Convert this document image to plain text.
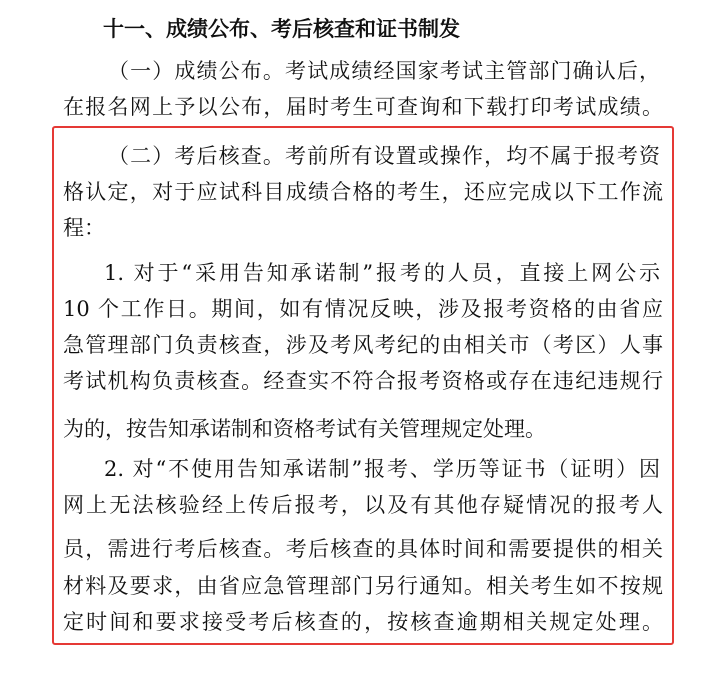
十一、成绩公布、考后核查和证书制发
（一）成绩公布。考试成绩经国家考试主管部门确认后，
在报名网上予以公布，届时考生可查询和下载打印考试成绩。
（二）考后核查。考前所有设置或操作，均不属于报考资
格认定，对于应试科目成绩合格的考生，还应完成以下工作流
程：
1. 对于“采用告知承诺制”报考的人员，直接上网公示
10 个工作日。期间，如有情况反映，涉及报考资格的由省应
急管理部门负责核查，涉及考风考纪的由相关市（考区）人事
考试机构负责核查。经查实不符合报考资格或存在违纪违规行
为的，按告知承诺制和资格考试有关管理规定处理。
2. 对“不使用告知承诺制”报考、学历等证书（证明）因
网上无法核验经上传后报考，以及有其他存疑情况的报考人
员，需进行考后核查。考后核查的具体时间和需要提供的相关
材料及要求，由省应急管理部门另行通知。相关考生如不按规
定时间和要求接受考后核查的，按核查逾期相关规定处理。
